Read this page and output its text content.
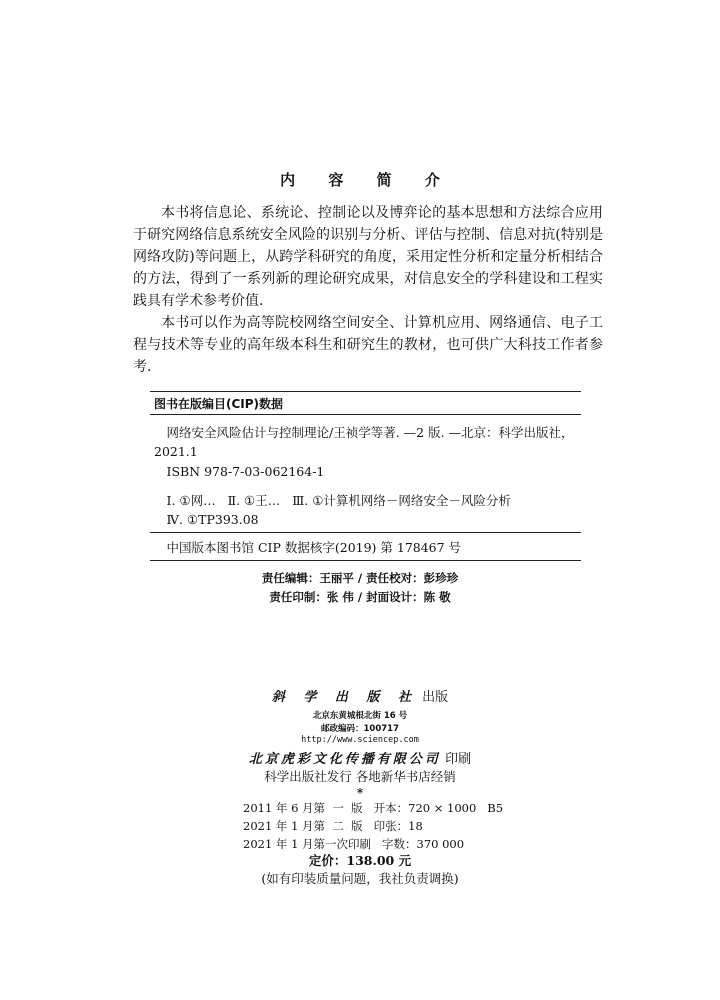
内 容 简 介

本书将信息论、系统论、控制论以及博弈论的基本思想和方法综合应用于研究网络信息系统安全风险的识别与分析、评估与控制、信息对抗(特别是网络攻防)等问题上，从跨学科研究的角度，采用定性分析和定量分析相结合的方法，得到了一系列新的理论研究成果，对信息安全的学科建设和工程实践具有学术参考价值.

本书可以作为高等院校网络空间安全、计算机应用、网络通信、电子工程与技术等专业的高年级本科生和研究生的教材，也可供广大科技工作者参考.

图书在版编目(CIP)数据
网络安全风险估计与控制理论/王祯学等著. —2 版. —北京：科学出版社，2021.1
ISBN 978-7-03-062164-1
Ⅰ. ①网… Ⅱ. ①王… Ⅲ. ①计算机网络－网络安全－风险分析
Ⅳ. ①TP393.08
中国版本图书馆 CIP 数据核字(2019) 第 178467 号
责任编辑：王丽平 / 责任校对：彭珍珍
责任印制：张 伟 / 封面设计：陈 敬
斜 学 出 版 社 出版
北京东黄城根北街 16 号
邮政编码：100717
http://www.sciencep.com
北京虎彩文化传播有限公司 印刷
科学出版社发行 各地新华书店经销
*
2011 年 6 月第  一  版   开本：720 × 1000   B5
2021 年 1 月第  二  版   印张：18
2021 年 1 月第一次印刷   字数：370 000
定价：138.00 元
(如有印装质量问题，我社负责调换)
